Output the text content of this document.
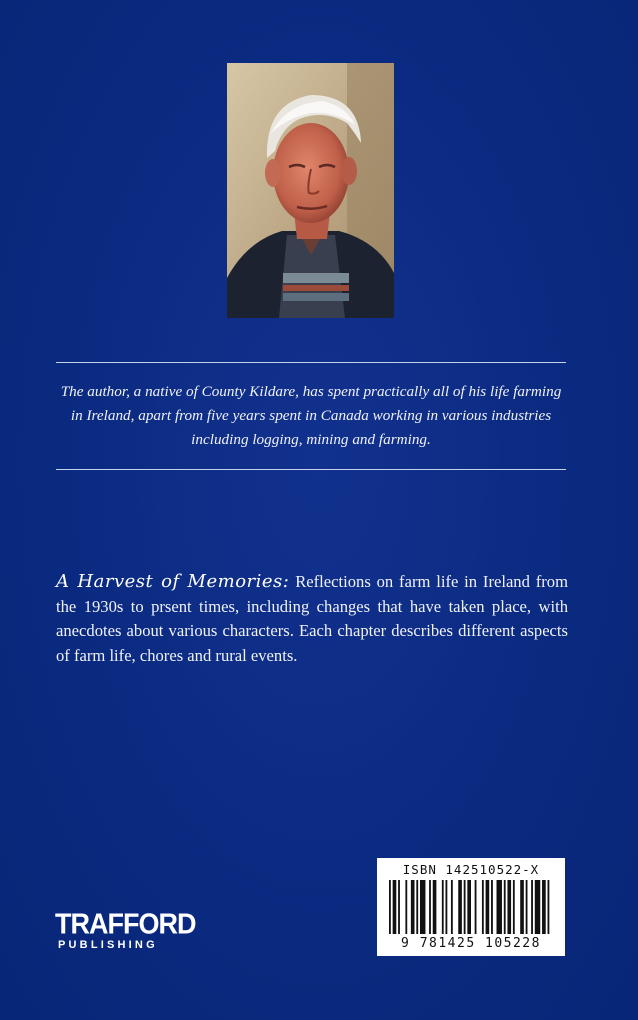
The author, a native of County Kildare, has spent practically all of his life farming in Ireland, apart from five years spent in Canada working in various industries including logging, mining and farming.
A Harvest of Memories: Reflections on farm life in Ireland from the 1930s to prsent times, including changes that have taken place, with anecdotes about various characters. Each chapter describes different aspects of farm life, chores and rural events.
ISBN 142510522-X
9 781425 105228
TRAFFORD
PUBLISHING
